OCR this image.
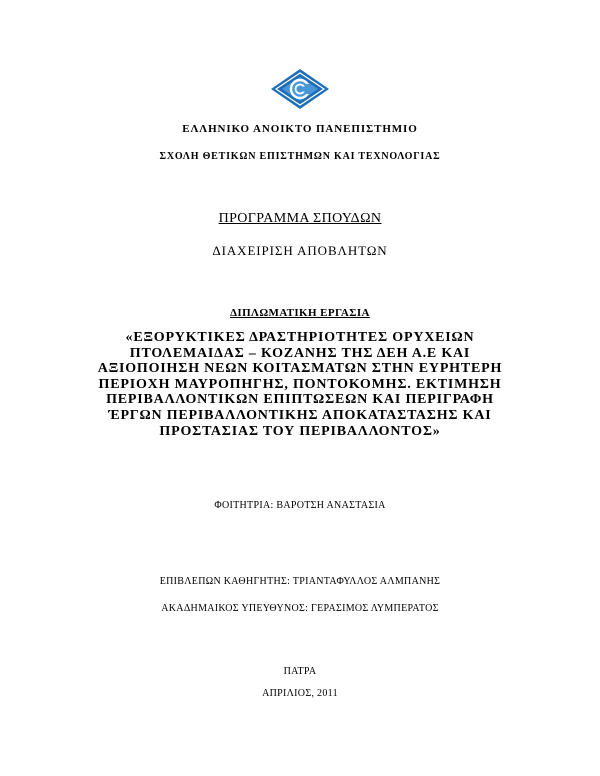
ΕΛΛΗΝΙΚΟ ΑΝΟΙΚΤΟ ΠΑΝΕΠΙΣΤΗΜΙΟ
ΣΧΟΛΗ ΘΕΤΙΚΩΝ ΕΠΙΣΤΗΜΩΝ ΚΑΙ ΤΕΧΝΟΛΟΓΙΑΣ
ΠΡΟΓΡΑΜΜΑ ΣΠΟΥΔΩΝ
ΔΙΑΧΕΙΡΙΣΗ ΑΠΟΒΛΗΤΩΝ
ΔΙΠΛΩΜΑΤΙΚΗ ΕΡΓΑΣΙΑ
«ΕΞΟΡΥΚΤΙΚΕΣ ΔΡΑΣΤΗΡΙΟΤΗΤΕΣ ΟΡΥΧΕΙΩΝ
ΠΤΟΛΕΜΑΙΔΑΣ – ΚΟΖΑΝΗΣ ΤΗΣ ΔΕΗ Α.Ε ΚΑΙ
ΑΞΙΟΠΟΙΗΣΗ ΝΕΩΝ ΚΟΙΤΑΣΜΑΤΩΝ ΣΤΗΝ ΕΥΡΗΤΕΡΗ
ΠΕΡΙΟΧΗ ΜΑΥΡΟΠΗΓΗΣ, ΠΟΝΤΟΚΟΜΗΣ. ΕΚΤΙΜΗΣΗ
ΠΕΡΙΒΑΛΛΟΝΤΙΚΩΝ ΕΠΙΠΤΩΣΕΩΝ ΚΑΙ ΠΕΡΙΓΡΑΦΗ
ΈΡΓΩΝ ΠΕΡΙΒΑΛΛΟΝΤΙΚΗΣ ΑΠΟΚΑΤΑΣΤΑΣΗΣ ΚΑΙ
ΠΡΟΣΤΑΣΙΑΣ ΤΟΥ ΠΕΡΙΒΑΛΛΟΝΤΟΣ»
ΦΟΙΤΗΤΡΙΑ: ΒΑΡΟΤΣΗ ΑΝΑΣΤΑΣΙΑ
ΕΠΙΒΛΕΠΩΝ ΚΑΘΗΓΗΤΗΣ: ΤΡΙΑΝΤΑΦΥΛΛΟΣ ΑΛΜΠΑΝΗΣ
ΑΚΑΔΗΜΑΙΚΟΣ ΥΠΕΥΘΥΝΟΣ: ΓΕΡΑΣΙΜΟΣ ΛΥΜΠΕΡΑΤΟΣ
ΠΑΤΡΑ
ΑΠΡΙΛΙΟΣ, 2011
